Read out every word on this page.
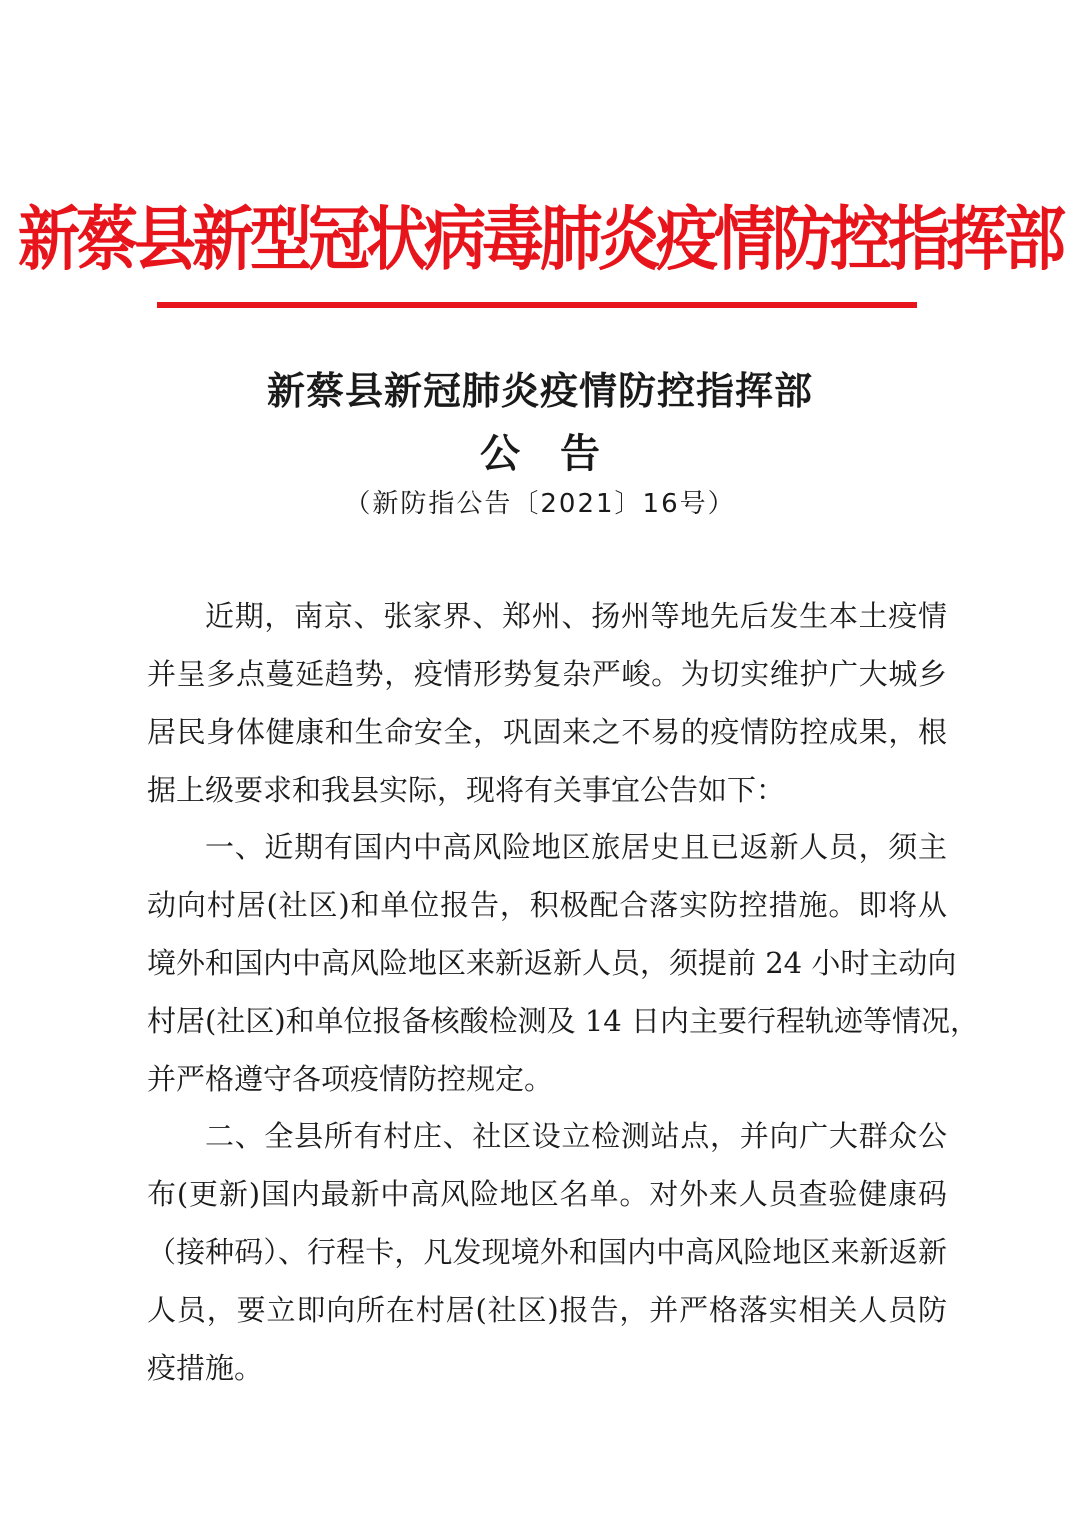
新蔡县新型冠状病毒肺炎疫情防控指挥部
新蔡县新冠肺炎疫情防控指挥部
公告
（新防指公告〔2021〕16号）
近期，南京、张家界、郑州、扬州等地先后发生本土疫情
并呈多点蔓延趋势，疫情形势复杂严峻。为切实维护广大城乡
居民身体健康和生命安全，巩固来之不易的疫情防控成果，根
据上级要求和我县实际，现将有关事宜公告如下：
一、近期有国内中高风险地区旅居史且已返新人员，须主
动向村居(社区)和单位报告，积极配合落实防控措施。即将从
境外和国内中高风险地区来新返新人员，须提前 24 小时主动向
村居(社区)和单位报备核酸检测及 14 日内主要行程轨迹等情况，
并严格遵守各项疫情防控规定。
二、全县所有村庄、社区设立检测站点，并向广大群众公
布(更新)国内最新中高风险地区名单。对外来人员查验健康码
（接种码）、行程卡，凡发现境外和国内中高风险地区来新返新
人员，要立即向所在村居(社区)报告，并严格落实相关人员防
疫措施。
